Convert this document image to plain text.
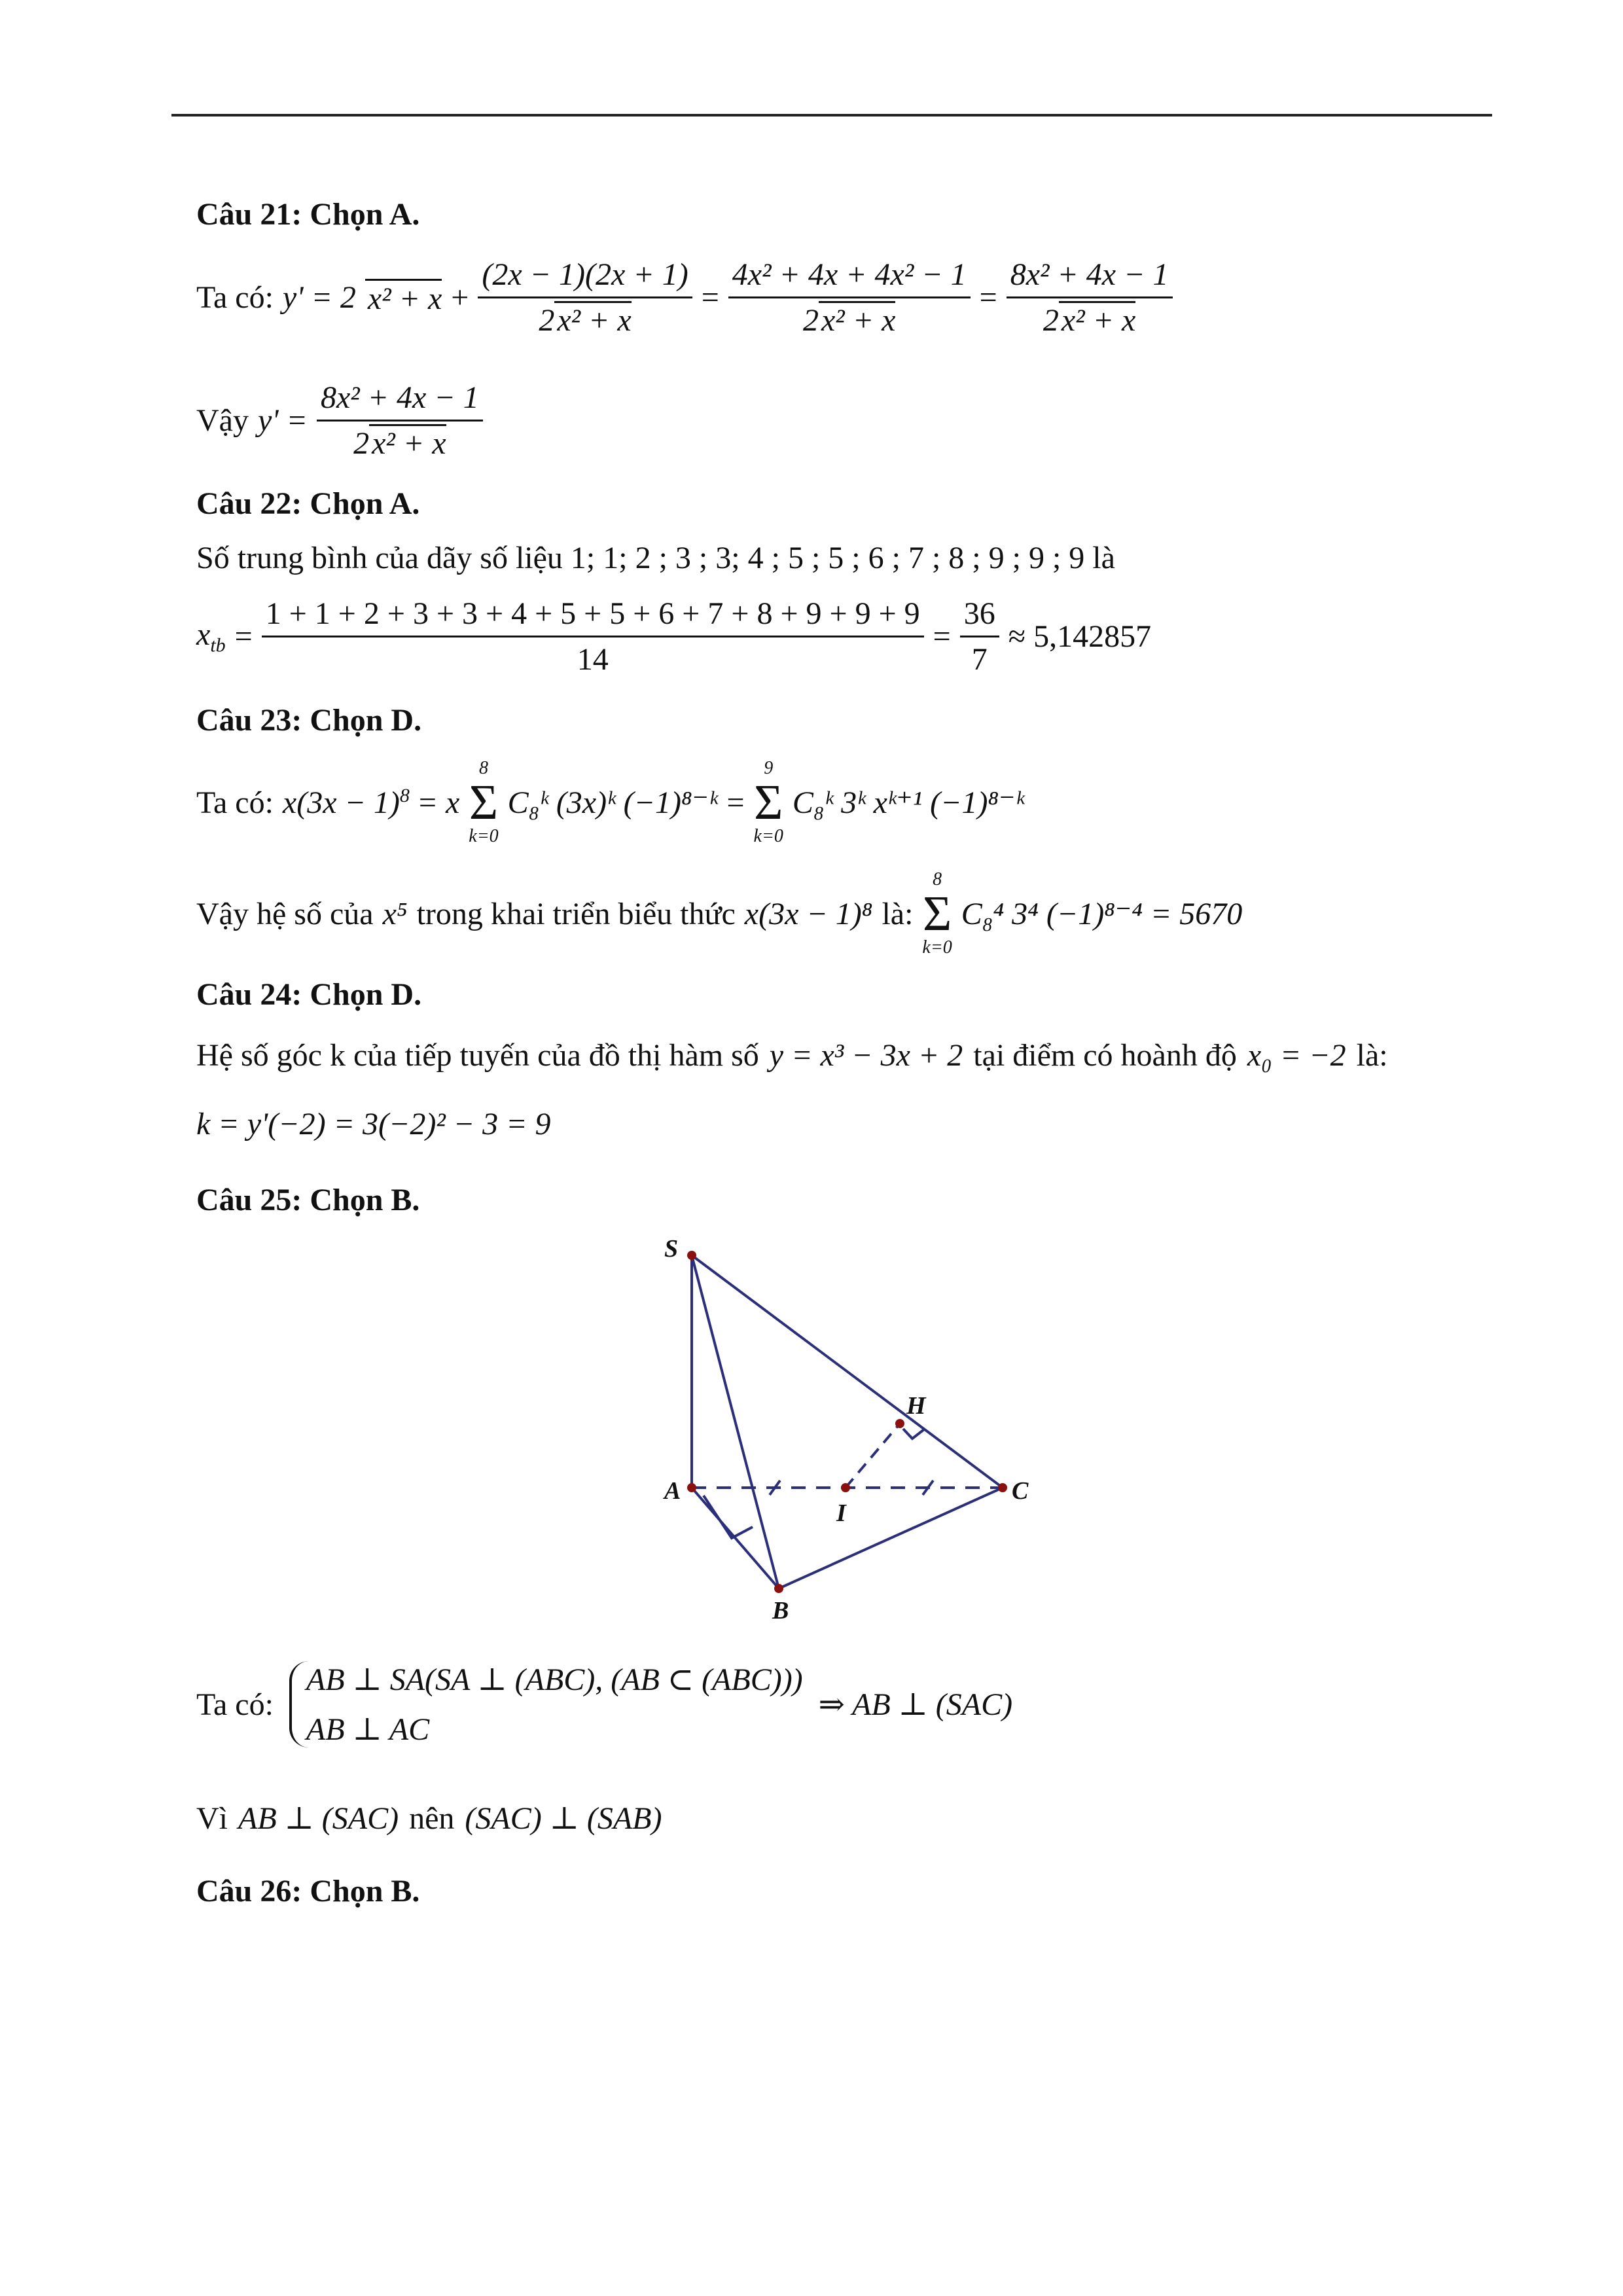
Câu 21: Chọn A.
Ta có: y' = 2 $x^2 + x + \frac{(2x - 1)(2x + 1)}{\text{2x² + x}} = \frac{\text{4x² + 4x + 4x² − 1}}{\text{2x² + x}} = \frac{\text{8x² + 4x − 1}}{\text{2x² + x}}$
Vậy $y' = \frac{\text{8x² + 4x − 1}}{\text{2x² + x}}$
Câu 22: Chọn A.
Số trung bình của dãy số liệu 1; 1; 2 ; 3 ; 3; 4 ; 5 ; 5 ; 6 ; 7 ; 8 ; 9 ; 9 ; 9 là
$x_{tb} = \frac{1 + 1 + 2 + 3 + 3 + 4 + 5 + 5 + 6 + 7 + 8 + 9 + 9 + 9}{14} = \frac{36}{7} \approx 5,142857$
Câu 23: Chọn D.
Ta có: $x(3x - 1)^8 = x$
8
Σ
k=0
C₈ᵏ (3x)ᵏ (−1)⁸⁻ᵏ =
9
Σ
k=0
C₈ᵏ 3ᵏ xᵏ⁺¹ (−1)⁸⁻ᵏ
Vậy hệ số của x⁵ trong khai triển biểu thức x(3x − 1)⁸ là:
8
Σ
k=0
C₈⁴ 3⁴ (−1)⁸⁻⁴ = 5670
Câu 24: Chọn D.
Hệ số góc k của tiếp tuyến của đồ thị hàm số y = x³ − 3x + 2 tại điểm có hoành độ x₀ = −2 là:
k = y'(−2) = 3(−2)² − 3 = 9
Câu 25: Chọn B.
S
A
B
C
H
I
Ta có:
AB ⊥ SA(SA ⊥ (ABC), (AB ⊂ (ABC)))
AB ⊥ AC
⇒ AB ⊥ (SAC)
Vì AB ⊥ (SAC) nên (SAC) ⊥ (SAB)
Câu 26: Chọn B.
